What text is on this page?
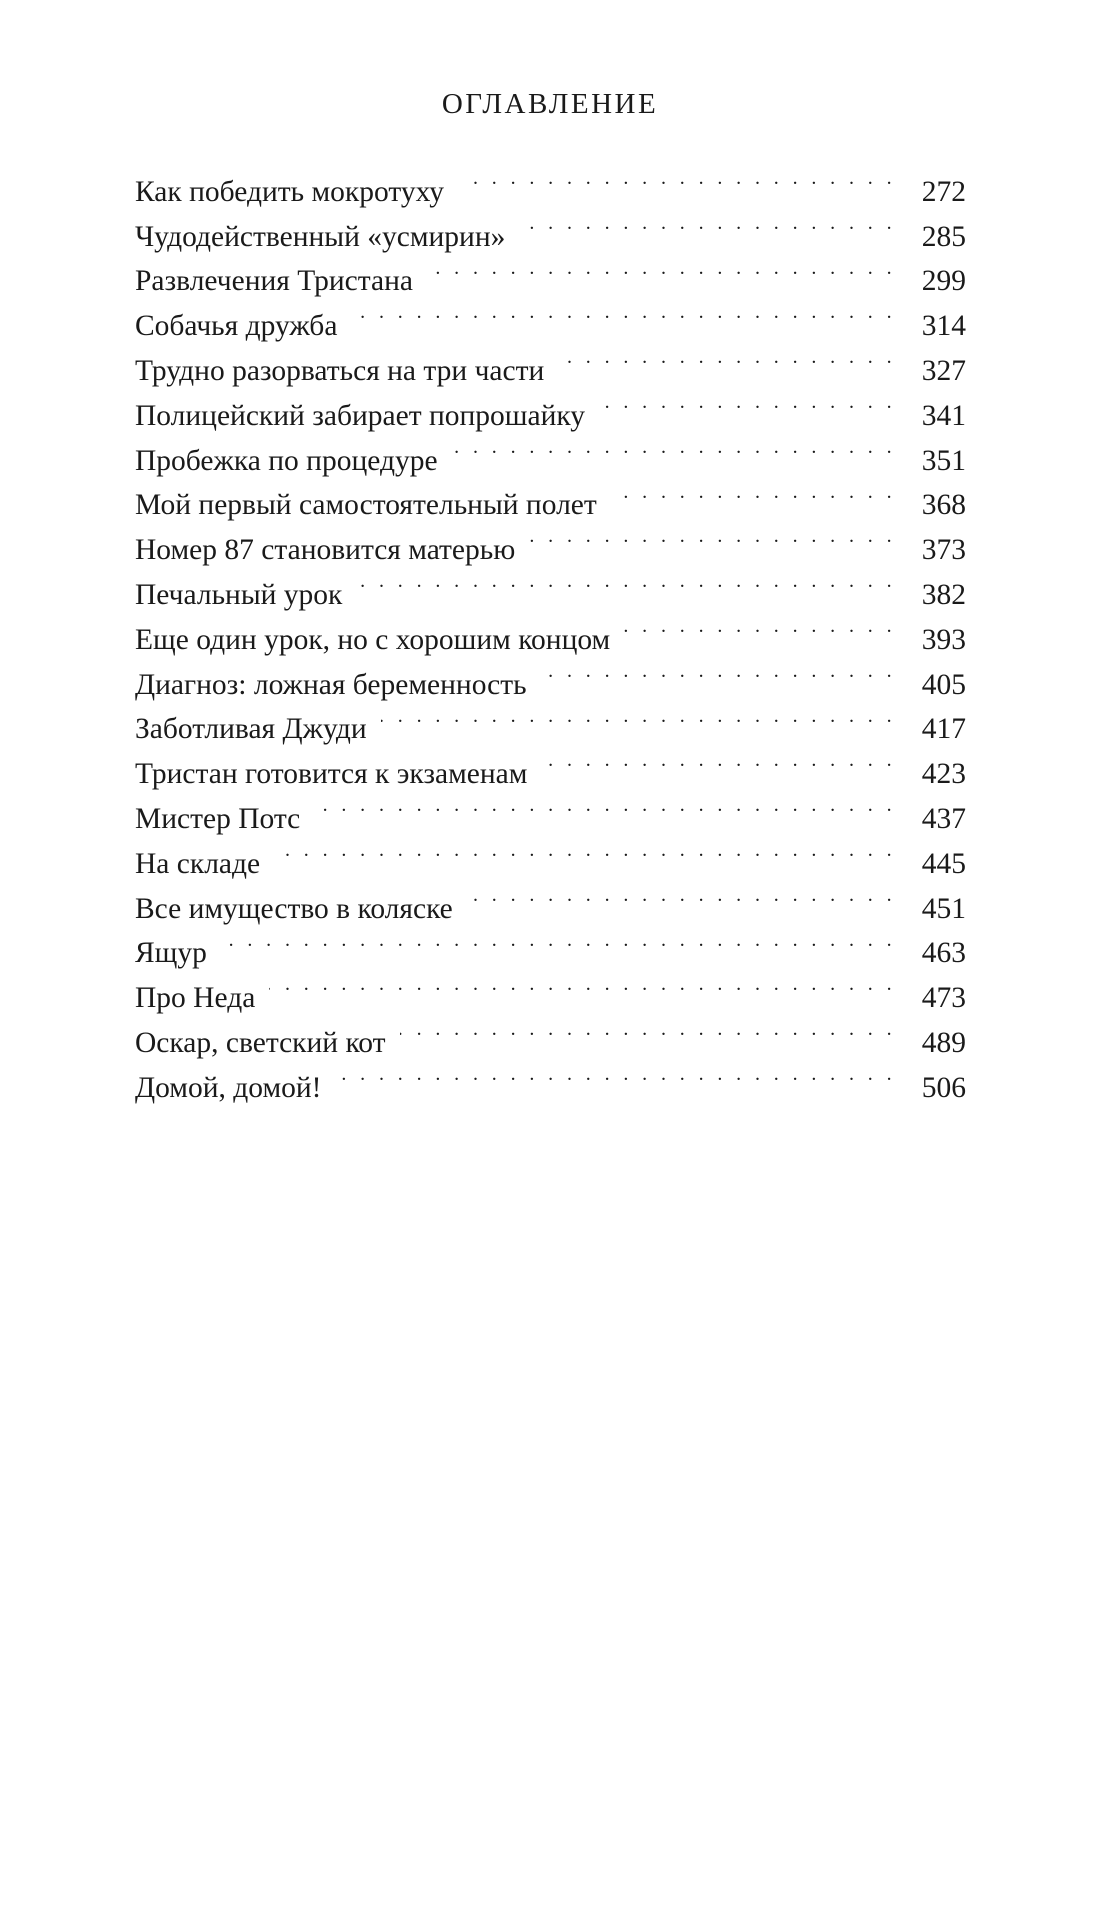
ОГЛАВЛЕНИЕ
Как победить мокротуху . . .	272
Чудодейственный «усмирин» . . .	285
Развлечения Тристана . . .	299
Собачья дружба . . .	314
Трудно разорваться на три части . . .	327
Полицейский забирает попрошайку . . .	341
Пробежка по процедуре . . .	351
Мой первый самостоятельный полет . . .	368
Номер 87 становится матерью . . .	373
Печальный урок . . .	382
Еще один урок, но с хорошим концом . . .	393
Диагноз: ложная беременность . . .	405
Заботливая Джуди . . .	417
Тристан готовится к экзаменам . . .	423
Мистер Потс . . .	437
На складе . . .	445
Все имущество в коляске . . .	451
Ящур . . .	463
Про Неда . . .	473
Оскар, светский кот . . .	489
Домой, домой! . . .	506
